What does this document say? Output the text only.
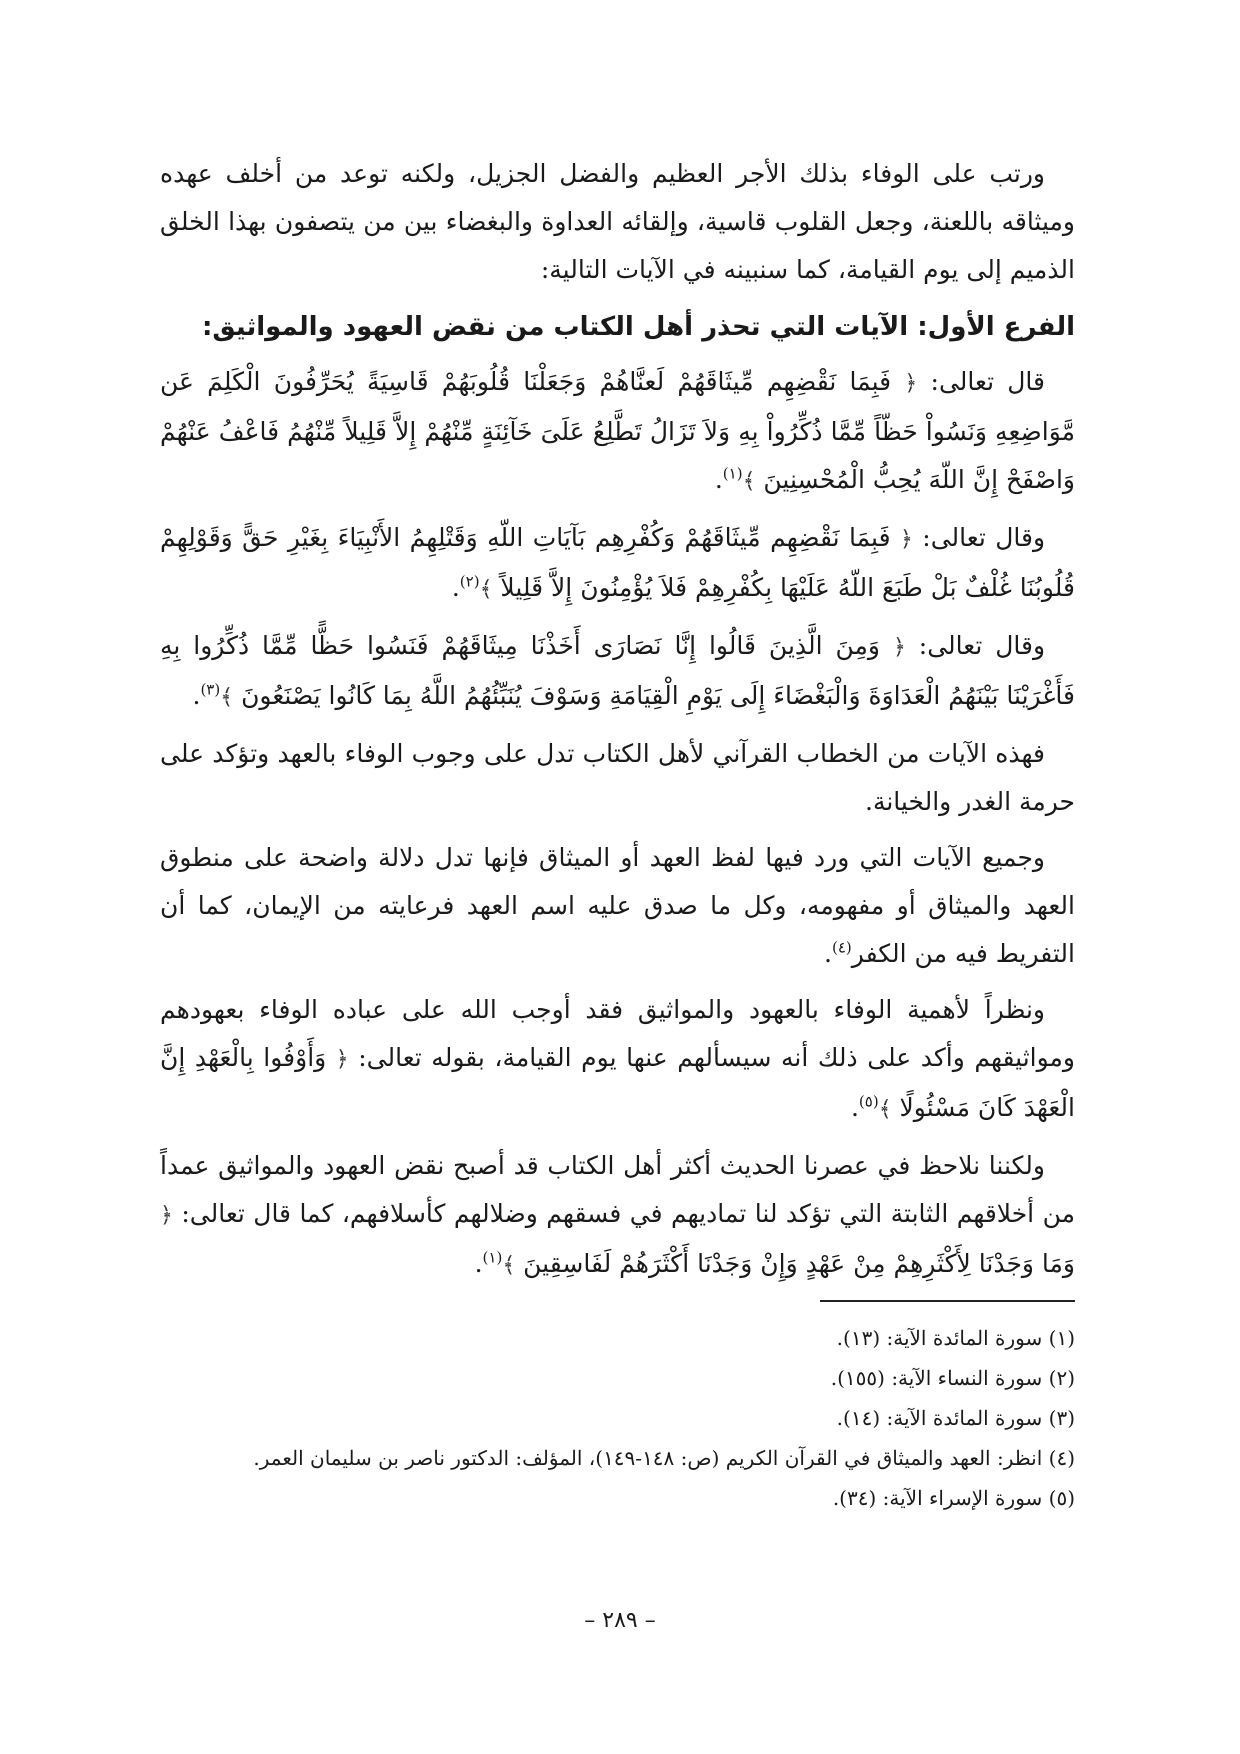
ورتب على الوفاء بذلك الأجر العظيم والفضل الجزيل، ولكنه توعد من أخلف عهده وميثاقه باللعنة، وجعل القلوب قاسية، وإلقائه العداوة والبغضاء بين من يتصفون بهذا الخلق الذميم إلى يوم القيامة، كما سنبينه في الآيات التالية:

الفرع الأول: الآيات التي تحذر أهل الكتاب من نقض العهود والمواثيق:

قال تعالى: ﴿ فَبِمَا نَقْضِهِم مِّيثَاقَهُمْ لَعنَّاهُمْ وَجَعَلْنَا قُلُوبَهُمْ قَاسِيَةً يُحَرِّفُونَ الْكَلِمَ عَن مَّوَاضِعِهِ وَنَسُواْ حَظّاً مِّمَّا ذُكِّرُواْ بِهِ وَلاَ تَزَالُ تَطَّلِعُ عَلَىَ خَآئِنَةٍ مِّنْهُمْ إِلاَّ قَلِيلاً مِّنْهُمُ فَاعْفُ عَنْهُمْ وَاصْفَحْ إِنَّ اللّهَ يُحِبُّ الْمُحْسِنِينَ ﴾$^{(١)}$.

وقال تعالى: ﴿ فَبِمَا نَقْضِهِم مِّيثَاقَهُمْ وَكُفْرِهِم بَآيَاتِ اللّهِ وَقَتْلِهِمُ الأَنْبِيَاءَ بِغَيْرِ حَقًّ وَقَوْلِهِمْ قُلُوبُنَا غُلْفٌ بَلْ طَبَعَ اللّهُ عَلَيْهَا بِكُفْرِهِمْ فَلاَ يُؤْمِنُونَ إِلاَّ قَلِيلاً ﴾$^{(٢)}$.

وقال تعالى: ﴿ وَمِنَ الَّذِينَ قَالُوا إِنَّا نَصَارَى أَخَذْنَا مِيثَاقَهُمْ فَنَسُوا حَظًّا مِّمَّا ذُكِّرُوا بِهِ فَأَغْرَيْنَا بَيْنَهُمُ الْعَدَاوَةَ وَالْبَغْضَاءَ إِلَى يَوْمِ الْقِيَامَةِ وَسَوْفَ يُنَبِّئُهُمُ اللَّهُ بِمَا كَانُوا يَصْنَعُونَ ﴾$^{(٣)}$.

فهذه الآيات من الخطاب القرآني لأهل الكتاب تدل على وجوب الوفاء بالعهد وتؤكد على حرمة الغدر والخيانة.

وجميع الآيات التي ورد فيها لفظ العهد أو الميثاق فإنها تدل دلالة واضحة على منطوق العهد والميثاق أو مفهومه، وكل ما صدق عليه اسم العهد فرعايته من الإيمان، كما أن التفريط فيه من الكفر$^{(٤)}$.

ونظراً لأهمية الوفاء بالعهود والمواثيق فقد أوجب الله على عباده الوفاء بعهودهم ومواثيقهم وأكد على ذلك أنه سيسألهم عنها يوم القيامة، بقوله تعالى: ﴿ وَأَوْفُوا بِالْعَهْدِ إِنَّ الْعَهْدَ كَانَ مَسْئُولًا ﴾$^{(٥)}$.

ولكننا نلاحظ في عصرنا الحديث أكثر أهل الكتاب قد أصبح نقض العهود والمواثيق عمداً من أخلاقهم الثابتة التي تؤكد لنا تماديهم في فسقهم وضلالهم كأسلافهم، كما قال تعالى: ﴿ وَمَا وَجَدْنَا لِأَكْثَرِهِمْ مِنْ عَهْدٍ وَإِنْ وَجَدْنَا أَكْثَرَهُمْ لَفَاسِقِينَ ﴾$^{(١)}$.

(١) سورة المائدة الآية: (١٣).

(٢) سورة النساء الآية: (١٥٥).

(٣) سورة المائدة الآية: (١٤).

(٤) انظر: العهد والميثاق في القرآن الكريم (ص: ١٤٨-١٤٩)، المؤلف: الدكتور ناصر بن سليمان العمر.

(٥) سورة الإسراء الآية: (٣٤).

– ٢٨٩ –
